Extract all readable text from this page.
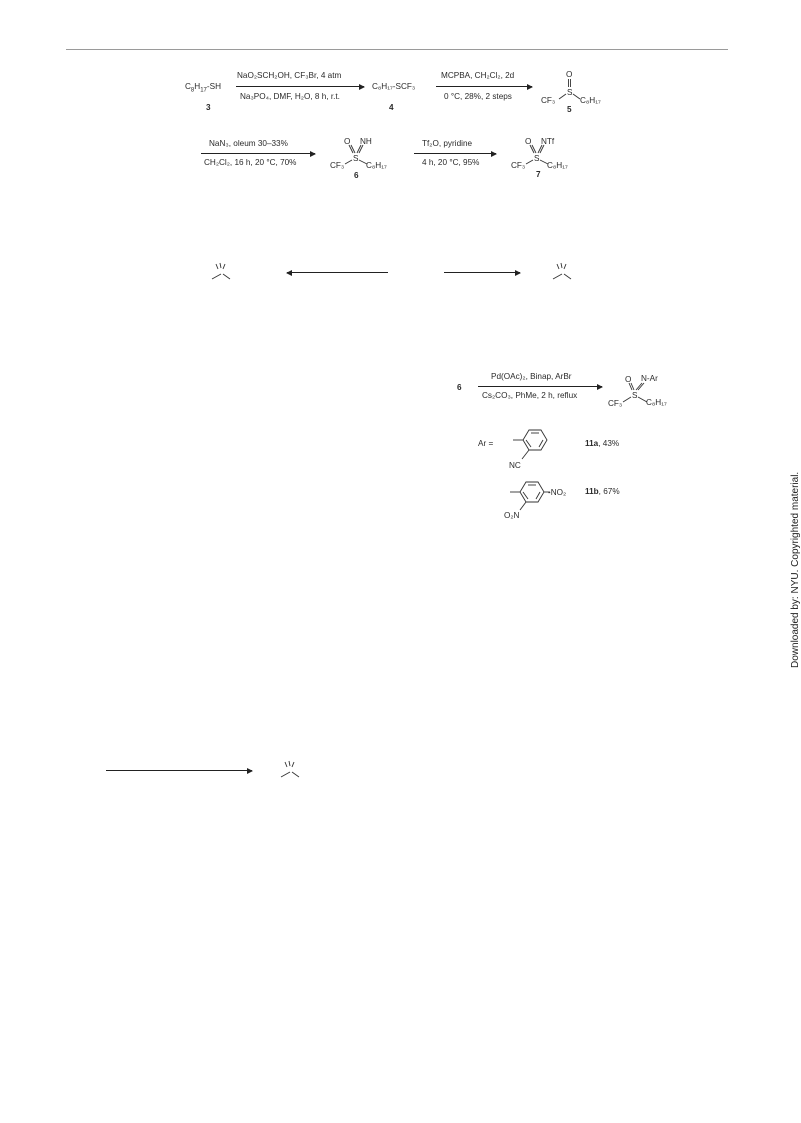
$C_8H_{17}-SH$
3
NaO₂SCH₂OH, CF₃Br, 4 atm
Na₃PO₄, DMF, H₂O, 8 h, r.t.
C₈H₁₇-SCF₃
4
MCPBA, CH₂Cl₂, 2d
0 °C, 28%, 2 steps
O
S
CF₃	C₈H₁₇
5
NaN₃, oleum 30–33%
CH₂Cl₂, 16 h, 20 °C, 70%
O NH
S
CF₃	C₈H₁₇
6
Tf₂O, pyridine
4 h, 20 °C, 95%
O NTf
S
CF₃	C₈H₁₇
7
6
Pd(OAc)₂, Binap, ArBr
Cs₂CO₃, PhMe, 2 h, reflux
O N-Ar
S
CF₃	C₈H₁₇
Ar =
NC
11a, 43%
-NO₂
O₂N
11b, 67%	Downloaded by: NYU. Copyrighted material.
